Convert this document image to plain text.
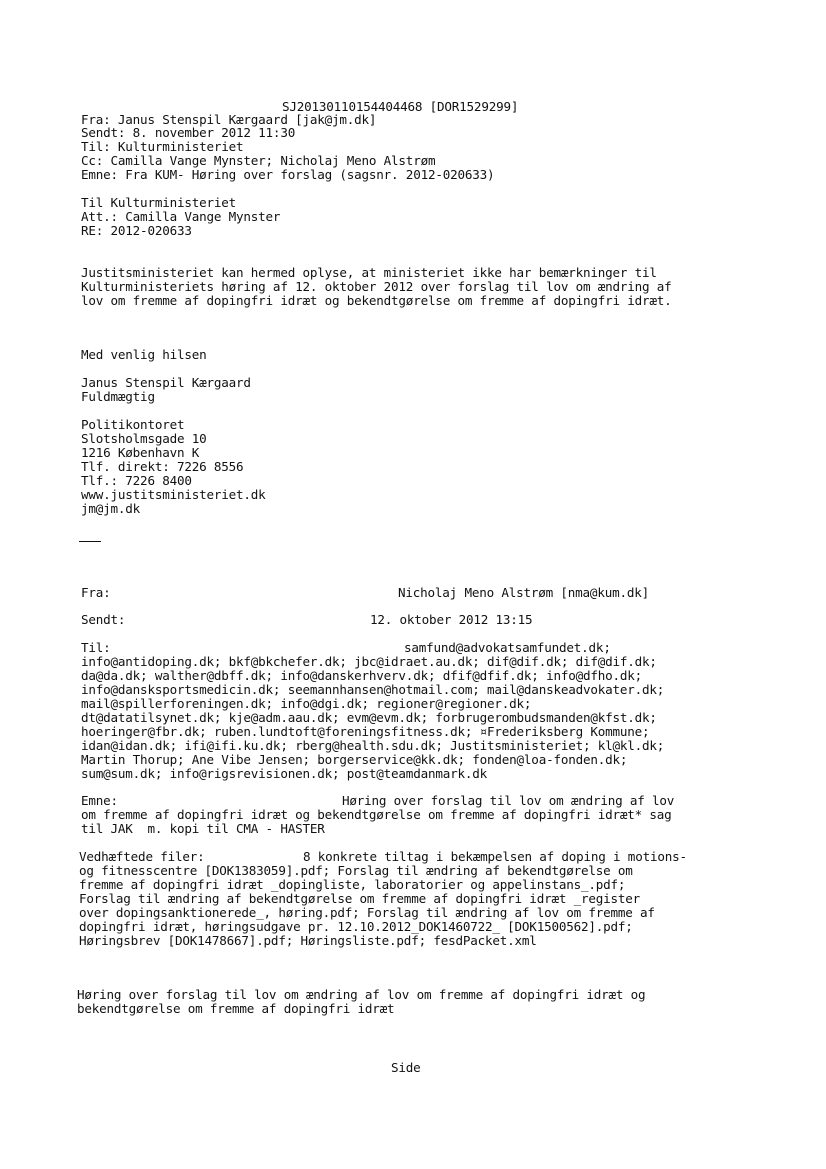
SJ20130110154404468 [DOR1529299]
Fra: Janus Stenspil Kærgaard [jak@jm.dk]
Sendt: 8. november 2012 11:30
Til: Kulturministeriet
Cc: Camilla Vange Mynster; Nicholaj Meno Alstrøm
Emne: Fra KUM- Høring over forslag (sagsnr. 2012-020633)
Til Kulturministeriet
Att.: Camilla Vange Mynster
RE: 2012-020633
Justitsministeriet kan hermed oplyse, at ministeriet ikke har bemærkninger til
Kulturministeriets høring af 12. oktober 2012 over forslag til lov om ændring af
lov om fremme af dopingfri idræt og bekendtgørelse om fremme af dopingfri idræt.
Med venlig hilsen
Janus Stenspil Kærgaard
Fuldmægtig
Politikontoret
Slotsholmsgade 10
1216 København K
Tlf. direkt: 7226 8556
Tlf.: 7226 8400
www.justitsministeriet.dk
jm@jm.dk
Fra:	Nicholaj Meno Alstrøm [nma@kum.dk]
Sendt:	12. oktober 2012 13:15
Til:	samfund@advokatsamfundet.dk;
info@antidoping.dk; bkf@bkchefer.dk; jbc@idraet.au.dk; dif@dif.dk; dif@dif.dk;
da@da.dk; walther@dbff.dk; info@danskerhverv.dk; dfif@dfif.dk; info@dfho.dk;
info@dansksportsmedicin.dk; seemannhansen@hotmail.com; mail@danskeadvokater.dk;
mail@spillerforeningen.dk; info@dgi.dk; regioner@regioner.dk;
dt@datatilsynet.dk; kje@adm.aau.dk; evm@evm.dk; forbrugerombudsmanden@kfst.dk;
hoeringer@fbr.dk; ruben.lundtoft@foreningsfitness.dk; ¤Frederiksberg Kommune;
idan@idan.dk; ifi@ifi.ku.dk; rberg@health.sdu.dk; Justitsministeriet; kl@kl.dk;
Martin Thorup; Ane Vibe Jensen; borgerservice@kk.dk; fonden@loa-fonden.dk;
sum@sum.dk; info@rigsrevisionen.dk; post@teamdanmark.dk
Emne:	Høring over forslag til lov om ændring af lov
om fremme af dopingfri idræt og bekendtgørelse om fremme af dopingfri idræt* sag
til JAK  m. kopi til CMA - HASTER
Vedhæftede filer:	8 konkrete tiltag i bekæmpelsen af doping i motions-
og fitnesscentre [DOK1383059].pdf; Forslag til ændring af bekendtgørelse om
fremme af dopingfri idræt _dopingliste, laboratorier og appelinstans_.pdf;
Forslag til ændring af bekendtgørelse om fremme af dopingfri idræt _register
over dopingsanktionerede_, høring.pdf; Forslag til ændring af lov om fremme af
dopingfri idræt, høringsudgave pr. 12.10.2012_DOK1460722_ [DOK1500562].pdf;
Høringsbrev [DOK1478667].pdf; Høringsliste.pdf; fesdPacket.xml
Høring over forslag til lov om ændring af lov om fremme af dopingfri idræt og
bekendtgørelse om fremme af dopingfri idræt
Side
